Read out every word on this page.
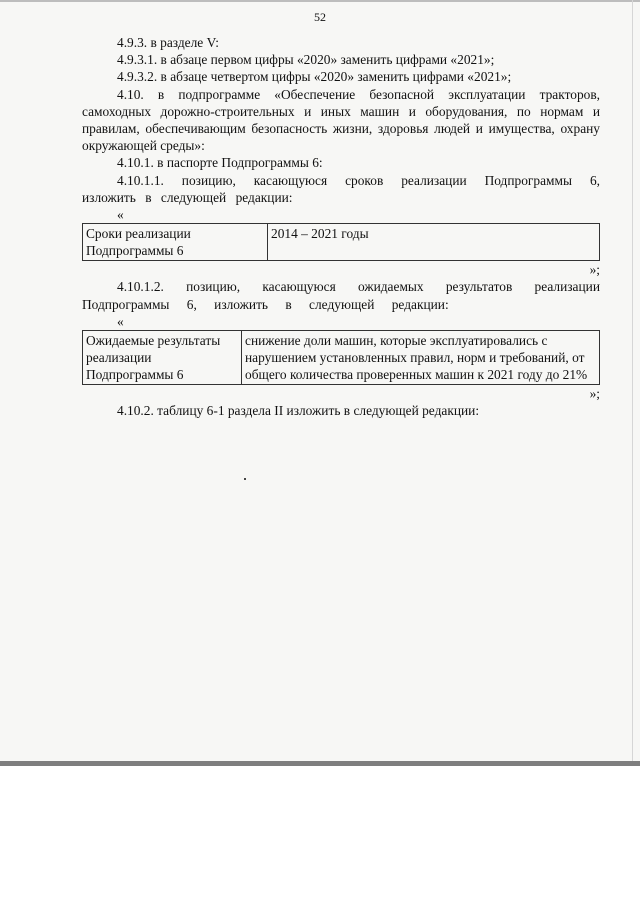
52

4.9.3. в разделе V:

4.9.3.1. в абзаце первом цифры «2020» заменить цифрами «2021»;

4.9.3.2. в абзаце четвертом цифры «2020» заменить цифрами «2021»;

4.10. в подпрограмме «Обеспечение безопасной эксплуатации тракторов, самоходных дорожно-строительных и иных машин и оборудования, по нормам и правилам, обеспечивающим безопасность жизни, здоровья людей и имущества, охрану окружающей среды»:

4.10.1. в паспорте Подпрограммы 6:

4.10.1.1. позицию, касающуюся сроков реализации Подпрограммы 6, изложить в следующей редакции:

«

Сроки реализации Подпрограммы 6	2014 – 2021 годы

»;

4.10.1.2. позицию, касающуюся ожидаемых результатов реализации Подпрограммы 6, изложить в следующей редакции:

«

Ожидаемые результаты реализации Подпрограммы 6	снижение доли машин, которые эксплуатировались с нарушением установленных правил, норм и требований, от общего количества проверенных машин к 2021 году до 21%

»;

4.10.2. таблицу 6-1 раздела II изложить в следующей редакции:
